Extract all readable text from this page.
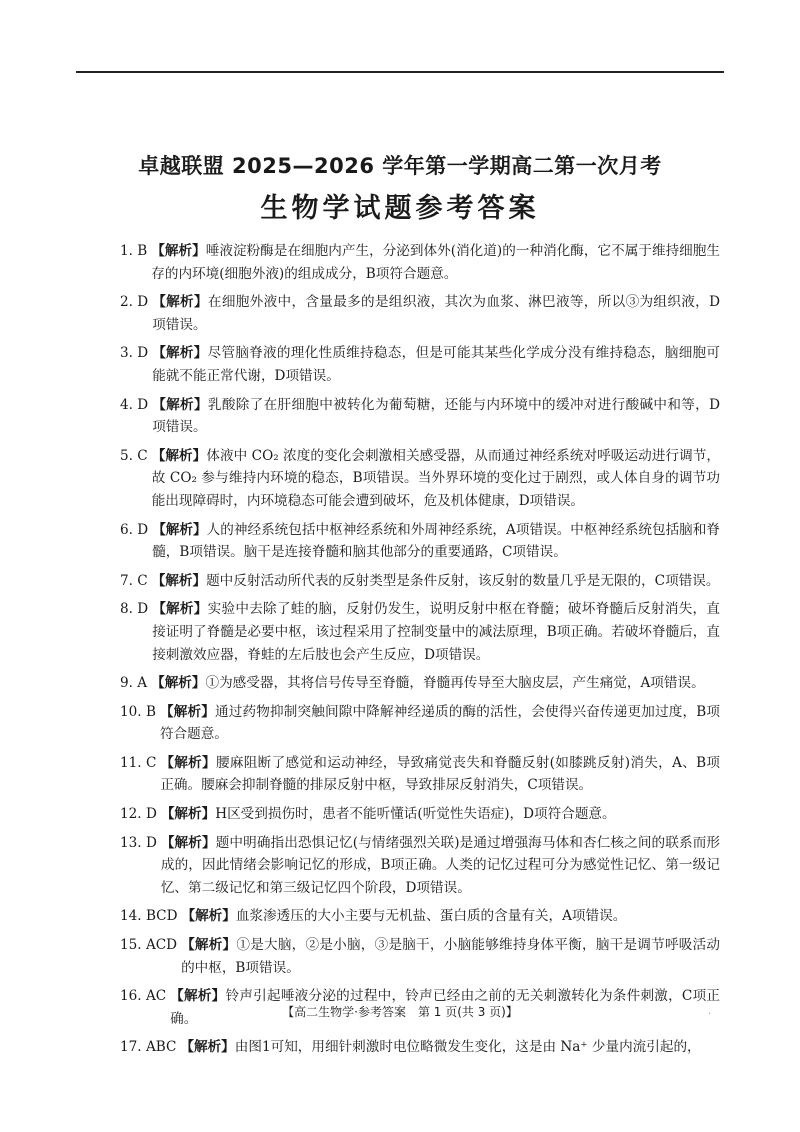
卓越联盟 2025—2026 学年第一学期高二第一次月考
生物学试题参考答案
1. B 【解析】唾液淀粉酶是在细胞内产生，分泌到体外(消化道)的一种消化酶，它不属于维持细胞生存的内环境(细胞外液)的组成成分，B项符合题意。
2. D 【解析】在细胞外液中，含量最多的是组织液，其次为血浆、淋巴液等，所以③为组织液，D项错误。
3. D 【解析】尽管脑脊液的理化性质维持稳态，但是可能其某些化学成分没有维持稳态，脑细胞可能就不能正常代谢，D项错误。
4. D 【解析】乳酸除了在肝细胞中被转化为葡萄糖，还能与内环境中的缓冲对进行酸碱中和等，D项错误。
5. C 【解析】体液中 CO₂ 浓度的变化会刺激相关感受器，从而通过神经系统对呼吸运动进行调节，故 CO₂ 参与维持内环境的稳态，B项错误。当外界环境的变化过于剧烈，或人体自身的调节功能出现障碍时，内环境稳态可能会遭到破坏，危及机体健康，D项错误。
6. D 【解析】人的神经系统包括中枢神经系统和外周神经系统，A项错误。中枢神经系统包括脑和脊髓，B项错误。脑干是连接脊髓和脑其他部分的重要通路，C项错误。
7. C 【解析】题中反射活动所代表的反射类型是条件反射，该反射的数量几乎是无限的，C项错误。
8. D 【解析】实验中去除了蛙的脑，反射仍发生，说明反射中枢在脊髓；破坏脊髓后反射消失，直接证明了脊髓是必要中枢，该过程采用了控制变量中的减法原理，B项正确。若破坏脊髓后，直接刺激效应器，脊蛙的左后肢也会产生反应，D项错误。
9. A 【解析】①为感受器，其将信号传导至脊髓，脊髓再传导至大脑皮层，产生痛觉，A项错误。
10. B 【解析】通过药物抑制突触间隙中降解神经递质的酶的活性，会使得兴奋传递更加过度，B项符合题意。
11. C 【解析】腰麻阻断了感觉和运动神经，导致痛觉丧失和脊髓反射(如膝跳反射)消失，A、B项正确。腰麻会抑制脊髓的排尿反射中枢，导致排尿反射消失，C项错误。
12. D 【解析】H区受到损伤时，患者不能听懂话(听觉性失语症)，D项符合题意。
13. D 【解析】题中明确指出恐惧记忆(与情绪强烈关联)是通过增强海马体和杏仁核之间的联系而形成的，因此情绪会影响记忆的形成，B项正确。人类的记忆过程可分为感觉性记忆、第一级记忆、第二级记忆和第三级记忆四个阶段，D项错误。
14. BCD 【解析】血浆渗透压的大小主要与无机盐、蛋白质的含量有关，A项错误。
15. ACD 【解析】①是大脑，②是小脑，③是脑干，小脑能够维持身体平衡，脑干是调节呼吸活动的中枢，B项错误。
16. AC 【解析】铃声引起唾液分泌的过程中，铃声已经由之前的无关刺激转化为条件刺激，C项正确。
17. ABC 【解析】由图1可知，用细针刺激时电位略微发生变化，这是由 Na⁺ 少量内流引起的，
【高二生物学·参考答案　第 1 页(共 3 页)】	.
